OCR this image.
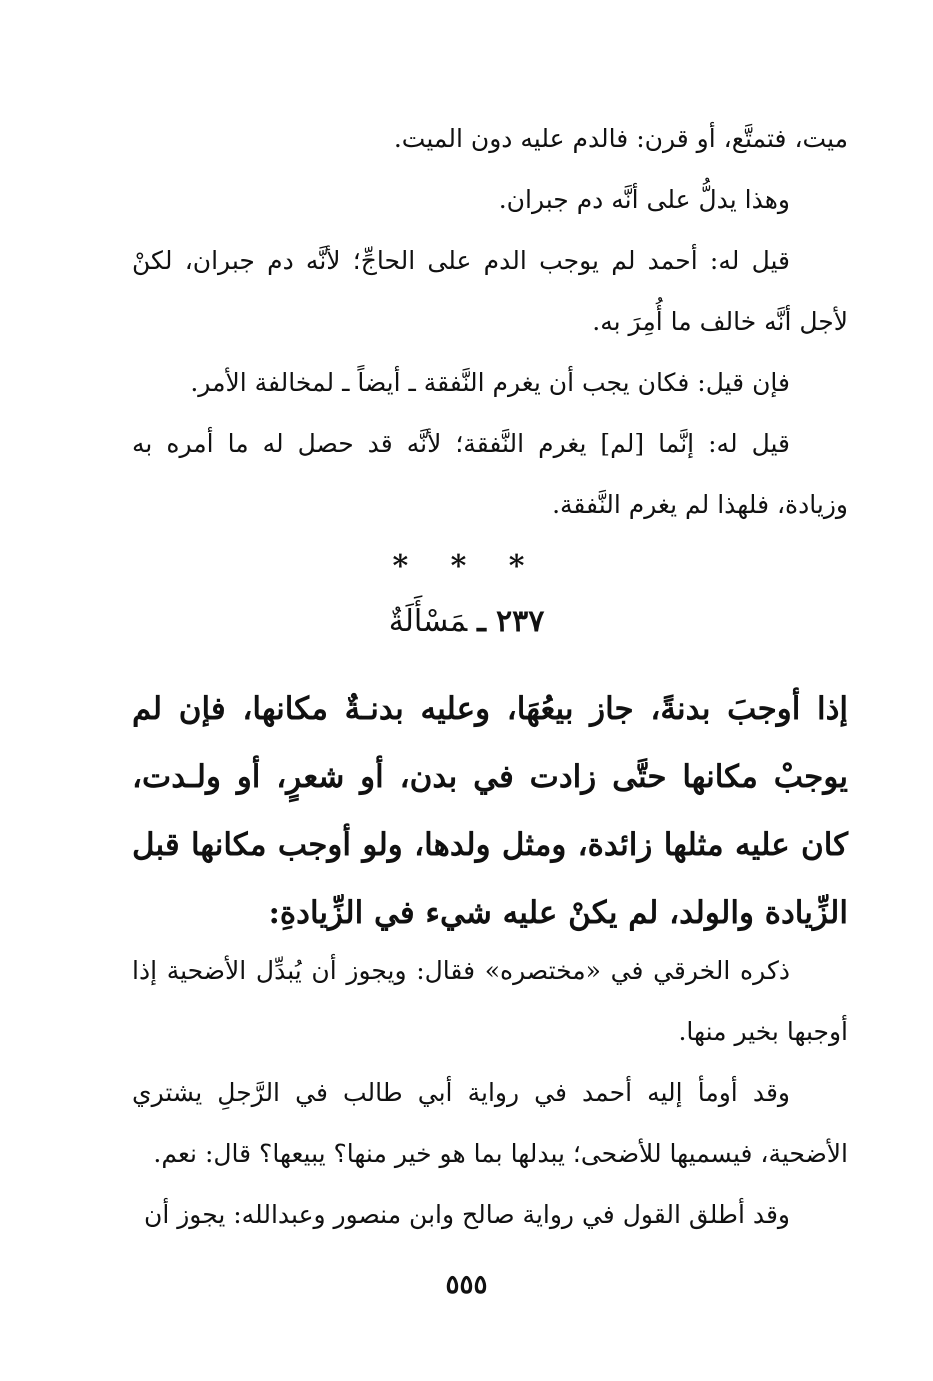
ميت، فتمتَّع، أو قرن: فالدم عليه دون الميت.

وهذا يدلُّ على أنَّه دم جبران.

قيل له: أحمد لم يوجب الدم على الحاجِّ؛ لأنَّه دم جبران، لكنْ لأجل أنَّه خالف ما أُمِرَ به.

فإن قيل: فكان يجب أن يغرم النَّفقة ـ أيضاً ـ لمخالفة الأمر.

قيل له: إنَّما [لم] يغرم النَّفقة؛ لأنَّه قد حصل له ما أمره به وزيادة، فلهذا لم يغرم النَّفقة.

* * *
٢٣٧ـمَسْأَلَةٌ

إذا أوجبَ بدنةً، جاز بيعُهَا، وعليه بدنـةٌ مكانها، فإن لم يوجبْ مكانها حتَّى زادت في بدن، أو شعرٍ، أو ولـدت، كان عليه مثلها زائدة، ومثل ولدها، ولو أوجب مكانها قبل الزِّيادة والولد، لم يكنْ عليه شيء في الزِّيادةِ:

ذكره الخرقي في «مختصره» فقال: ويجوز أن يُبدِّل الأضحية إذا أوجبها بخير منها.

وقد أومأ إليه أحمد في رواية أبي طالب في الرَّجلِ يشتري الأضحية، فيسميها للأضحى؛ يبدلها بما هو خير منها؟ يبيعها؟ قال: نعم.

وقد أطلق القول في رواية صالح وابن منصور وعبدالله: يجوز أن

٥٥٥
